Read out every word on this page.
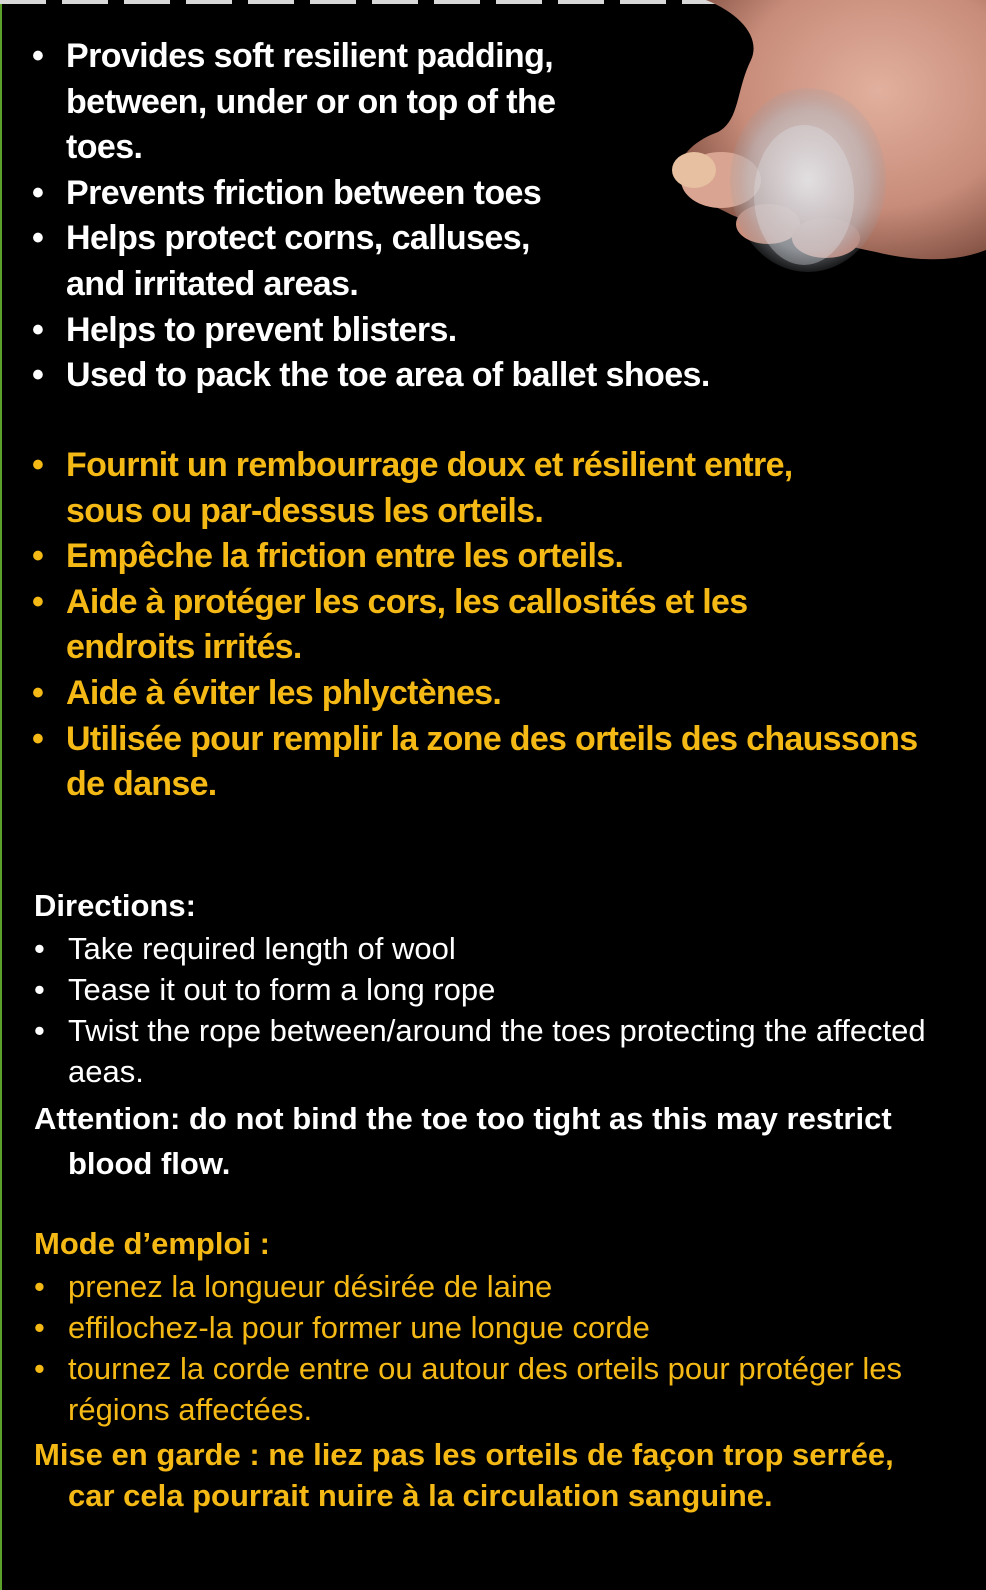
• Provides soft resilient padding, between, under or on top of the toes.
• Prevents friction between toes
• Helps protect corns, calluses, and irritated areas.
• Helps to prevent blisters.
• Used to pack the toe area of ballet shoes.
• Fournit un rembourrage doux et résilient entre, sous ou par-dessus les orteils.
• Empêche la friction entre les orteils.
• Aide à protéger les cors, les callosités et les endroits irrités.
• Aide à éviter les phlyctènes.
• Utilisée pour remplir la zone des orteils des chaussons de danse.
Directions:
• Take required length of wool
• Tease it out to form a long rope
• Twist the rope between/around the toes protecting the affected aeas.
Attention: do not bind the toe too tight as this may restrict blood flow.
Mode d’emploi :
• prenez la longueur désirée de laine
• effilochez-la pour former une longue corde
• tournez la corde entre ou autour des orteils pour protéger les régions affectées.
Mise en garde : ne liez pas les orteils de façon trop serrée, car cela pourrait nuire à la circulation sanguine.
